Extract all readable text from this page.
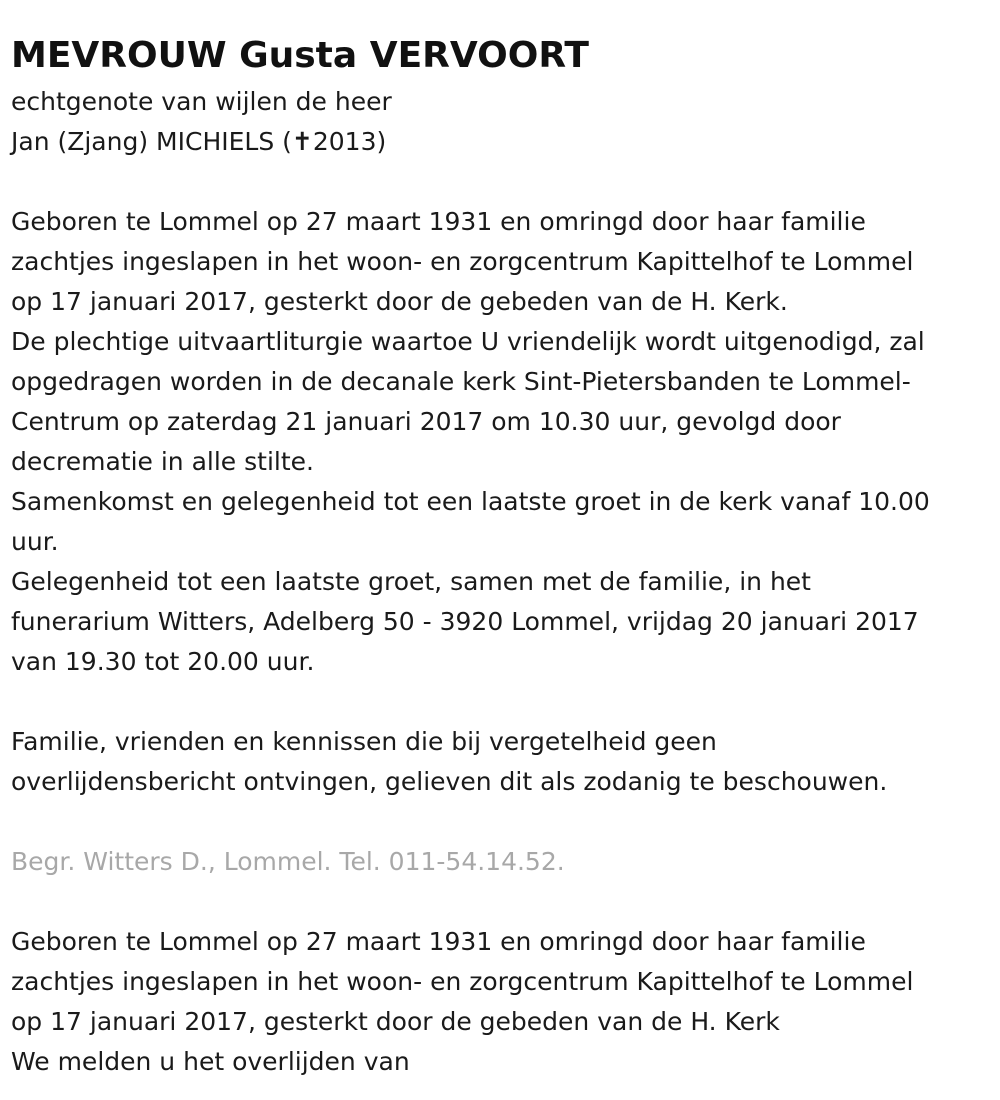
MEVROUW Gusta VERVOORT
echtgenote van wijlen de heer
Jan (Zjang) MICHIELS (✝2013)
Geboren te Lommel op 27 maart 1931 en omringd door haar familie
zachtjes ingeslapen in het woon- en zorgcentrum Kapittelhof te Lommel
op 17 januari 2017, gesterkt door de gebeden van de H. Kerk.
De plechtige uitvaartliturgie waartoe U vriendelijk wordt uitgenodigd, zal
opgedragen worden in de decanale kerk Sint-Pietersbanden te Lommel-
Centrum op zaterdag 21 januari 2017 om 10.30 uur, gevolgd door
decrematie in alle stilte.
Samenkomst en gelegenheid tot een laatste groet in de kerk vanaf 10.00
uur.
Gelegenheid tot een laatste groet, samen met de familie, in het
funerarium Witters, Adelberg 50 - 3920 Lommel, vrijdag 20 januari 2017
van 19.30 tot 20.00 uur.
Familie, vrienden en kennissen die bij vergetelheid geen
overlijdensbericht ontvingen, gelieven dit als zodanig te beschouwen.
Begr. Witters D., Lommel. Tel. 011-54.14.52.
Geboren te Lommel op 27 maart 1931 en omringd door haar familie
zachtjes ingeslapen in het woon- en zorgcentrum Kapittelhof te Lommel
op 17 januari 2017, gesterkt door de gebeden van de H. Kerk
We melden u het overlijden van
